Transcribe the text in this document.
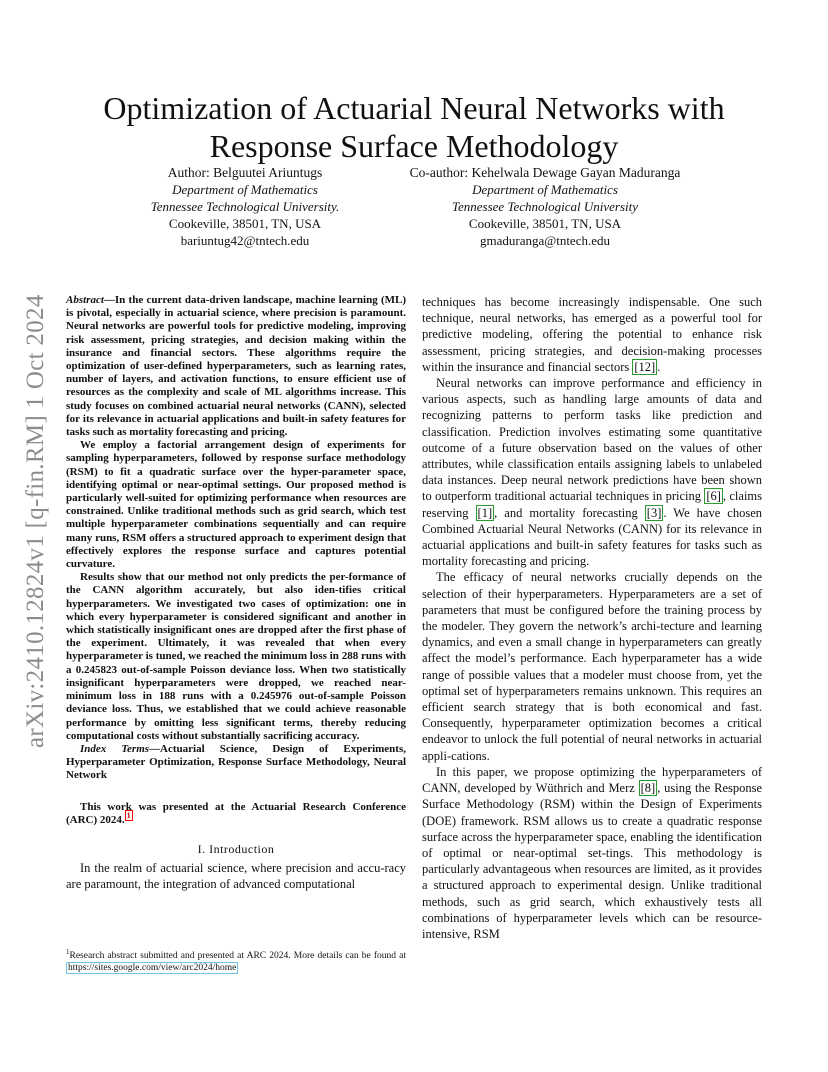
arXiv:2410.12824v1 [q-fin.RM] 1 Oct 2024
Optimization of Actuarial Neural Networks with Response Surface Methodology
Author: Belguutei Ariuntugs
Department of Mathematics
Tennessee Technological University.
Cookeville, 38501, TN, USA
bariuntug42@tntech.edu
Co-author: Kehelwala Dewage Gayan Maduranga
Department of Mathematics
Tennessee Technological University
Cookeville, 38501, TN, USA
gmaduranga@tntech.edu

Abstract—In the current data-driven landscape, machine learning (ML) is pivotal, especially in actuarial science, where precision is paramount. Neural networks are powerful tools for predictive modeling, improving risk assessment, pricing strategies, and decision making within the insurance and financial sectors. These algorithms require the optimization of user-defined hyperparameters, such as learning rates, number of layers, and activation functions, to ensure efficient use of resources as the complexity and scale of ML algorithms increase. This study focuses on combined actuarial neural networks (CANN), selected for its relevance in actuarial applications and built-in safety features for tasks such as mortality forecasting and pricing.

We employ a factorial arrangement design of experiments for sampling hyperparameters, followed by response surface methodology (RSM) to fit a quadratic surface over the hyper-parameter space, identifying optimal or near-optimal settings. Our proposed method is particularly well-suited for optimizing performance when resources are constrained. Unlike traditional methods such as grid search, which test multiple hyperparameter combinations sequentially and can require many runs, RSM offers a structured approach to experiment design that effectively explores the response surface and captures potential curvature.

Results show that our method not only predicts the per-formance of the CANN algorithm accurately, but also iden-tifies critical hyperparameters. We investigated two cases of optimization: one in which every hyperparameter is considered significant and another in which statistically insignificant ones are dropped after the first phase of the experiment. Ultimately, it was revealed that when every hyperparameter is tuned, we reached the minimum loss in 288 runs with a 0.245823 out-of-sample Poisson deviance loss. When two statistically insignificant hyperparameters were dropped, we reached near-minimum loss in 188 runs with a 0.245976 out-of-sample Poisson deviance loss. Thus, we established that we could achieve reasonable performance by omitting less significant terms, thereby reducing computational costs without substantially sacrificing accuracy.

Index Terms—Actuarial Science, Design of Experiments, Hyperparameter Optimization, Response Surface Methodology, Neural Network

This work was presented at the Actuarial Research Conference (ARC) 2024. $^1$

I. Introduction

In the realm of actuarial science, where precision and accu-racy are paramount, the integration of advanced computational

$^1$Research abstract submitted and presented at ARC 2024. More details can be found at https://sites.google.com/view/arc2024/home

techniques has become increasingly indispensable. One such technique, neural networks, has emerged as a powerful tool for predictive modeling, offering the potential to enhance risk assessment, pricing strategies, and decision-making processes within the insurance and financial sectors [12] .

Neural networks can improve performance and efficiency in various aspects, such as handling large amounts of data and recognizing patterns to perform tasks like prediction and classification. Prediction involves estimating some quantitative outcome of a future observation based on the values of other attributes, while classification entails assigning labels to unlabeled data instances. Deep neural network predictions have been shown to outperform traditional actuarial techniques in pricing [6] , claims reserving [1] , and mortality forecasting [3] . We have chosen Combined Actuarial Neural Networks (CANN) for its relevance in actuarial applications and built-in safety features for tasks such as mortality forecasting and pricing.

The efficacy of neural networks crucially depends on the selection of their hyperparameters. Hyperparameters are a set of parameters that must be configured before the training process by the modeler. They govern the network’s archi-tecture and learning dynamics, and even a small change in hyperparameters can greatly affect the model’s performance. Each hyperparameter has a wide range of possible values that a modeler must choose from, yet the optimal set of hyperparameters remains unknown. This requires an efficient search strategy that is both economical and fast. Consequently, hyperparameter optimization becomes a critical endeavor to unlock the full potential of neural networks in actuarial appli-cations.

In this paper, we propose optimizing the hyperparameters of CANN, developed by Wüthrich and Merz [8] , using the Response Surface Methodology (RSM) within the Design of Experiments (DOE) framework. RSM allows us to create a quadratic response surface across the hyperparameter space, enabling the identification of optimal or near-optimal set-tings. This methodology is particularly advantageous when resources are limited, as it provides a structured approach to experimental design. Unlike traditional methods, such as grid search, which exhaustively tests all combinations of hyperparameter levels which can be resource-intensive, RSM
